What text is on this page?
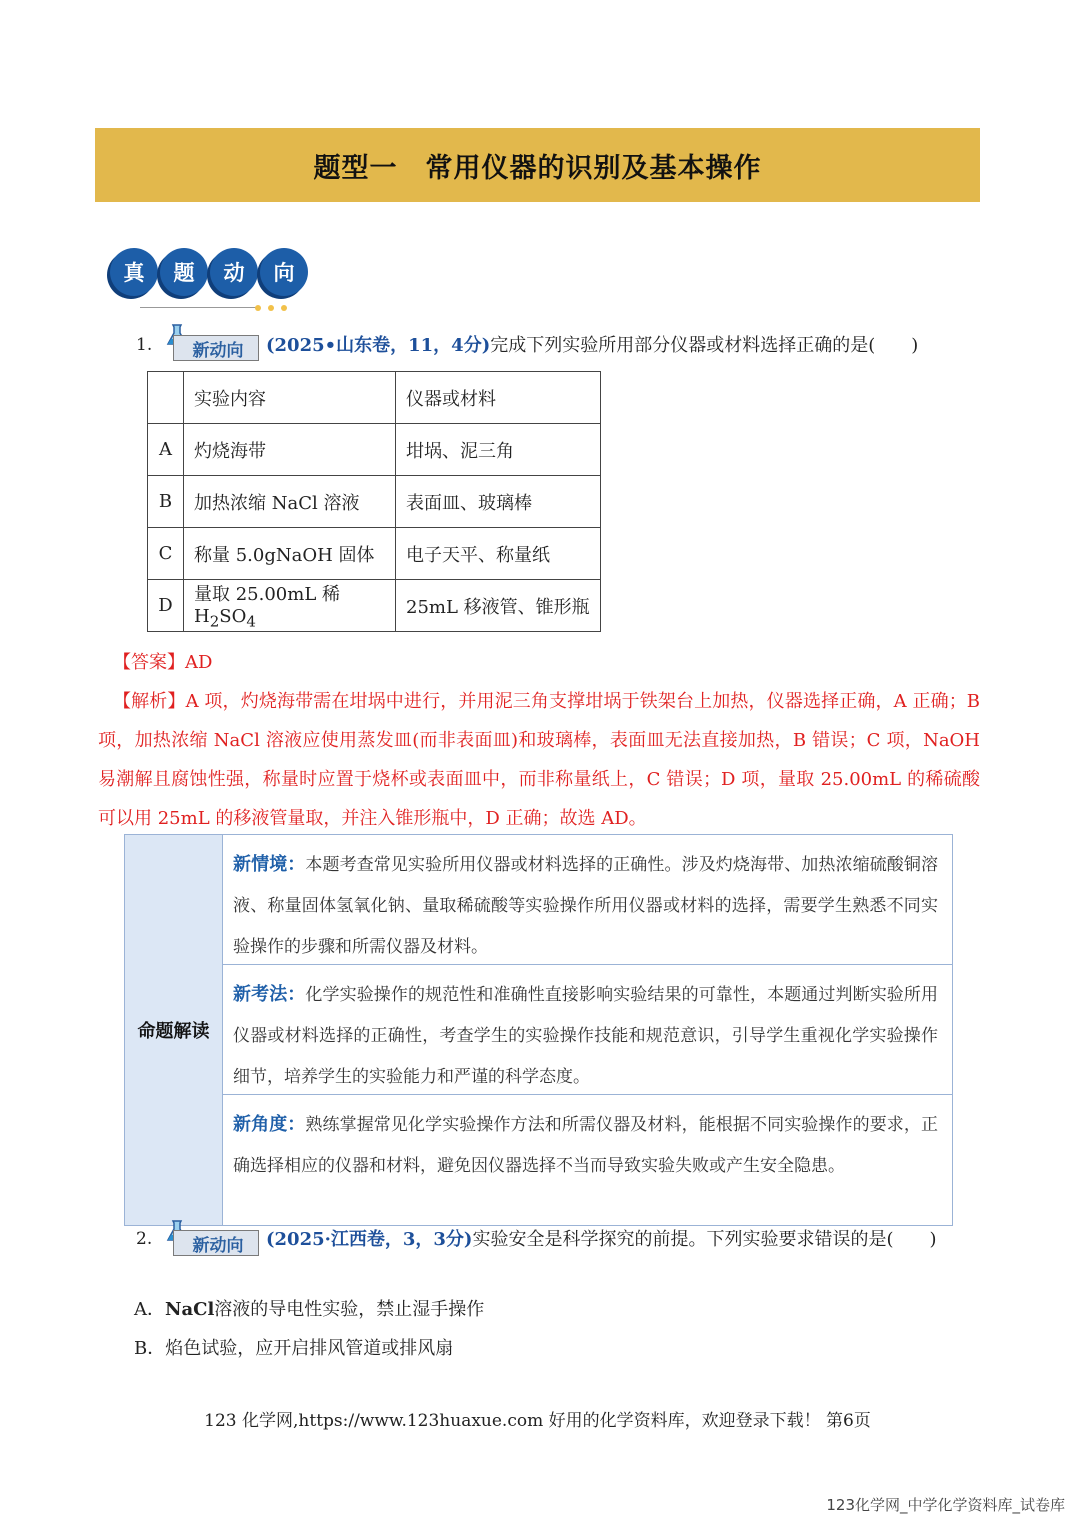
题型一　常用仪器的识别及基本操作
真	题	动	向
1.	新动向	(2025•山东卷，11，4分)完成下列实验所用部分仪器或材料选择正确的是(　　)
	实验内容	仪器或材料
A	灼烧海带	坩埚、泥三角
B	加热浓缩 NaCl 溶液	表面皿、玻璃棒
C	称量 5.0gNaOH 固体	电子天平、称量纸
D	量取 25.00mL 稀 $H_2SO_4$	25mL 移液管、锥形瓶
【答案】AD
【解析】A 项，灼烧海带需在坩埚中进行，并用泥三角支撑坩埚于铁架台上加热，仪器选择正确，A 正确；B 项，加热浓缩 NaCl 溶液应使用蒸发皿(而非表面皿)和玻璃棒，表面皿无法直接加热，B 错误；C 项，NaOH 易潮解且腐蚀性强，称量时应置于烧杯或表面皿中，而非称量纸上，C 错误；D 项，量取 25.00mL 的稀硫酸可以用 25mL 的移液管量取，并注入锥形瓶中，D 正确；故选 AD。
命题解读
新情境：本题考查常见实验所用仪器或材料选择的正确性。涉及灼烧海带、加热浓缩硫酸铜溶液、称量固体氢氧化钠、量取稀硫酸等实验操作所用仪器或材料的选择，需要学生熟悉不同实验操作的步骤和所需仪器及材料。
新考法：化学实验操作的规范性和准确性直接影响实验结果的可靠性，本题通过判断实验所用仪器或材料选择的正确性，考查学生的实验操作技能和规范意识，引导学生重视化学实验操作细节，培养学生的实验能力和严谨的科学态度。
新角度：熟练掌握常见化学实验操作方法和所需仪器及材料，能根据不同实验操作的要求，正确选择相应的仪器和材料，避免因仪器选择不当而导致实验失败或产生安全隐患。
2.	新动向	(2025·江西卷，3，3分)实验安全是科学探究的前提。下列实验要求错误的是(　　)
A．NaCl溶液的导电性实验，禁止湿手操作
B．焰色试验，应开启排风管道或排风扇
123 化学网,https://www.123huaxue.com 好用的化学资料库，欢迎登录下载！ 第6页
123化学网_中学化学资料库_试卷库
